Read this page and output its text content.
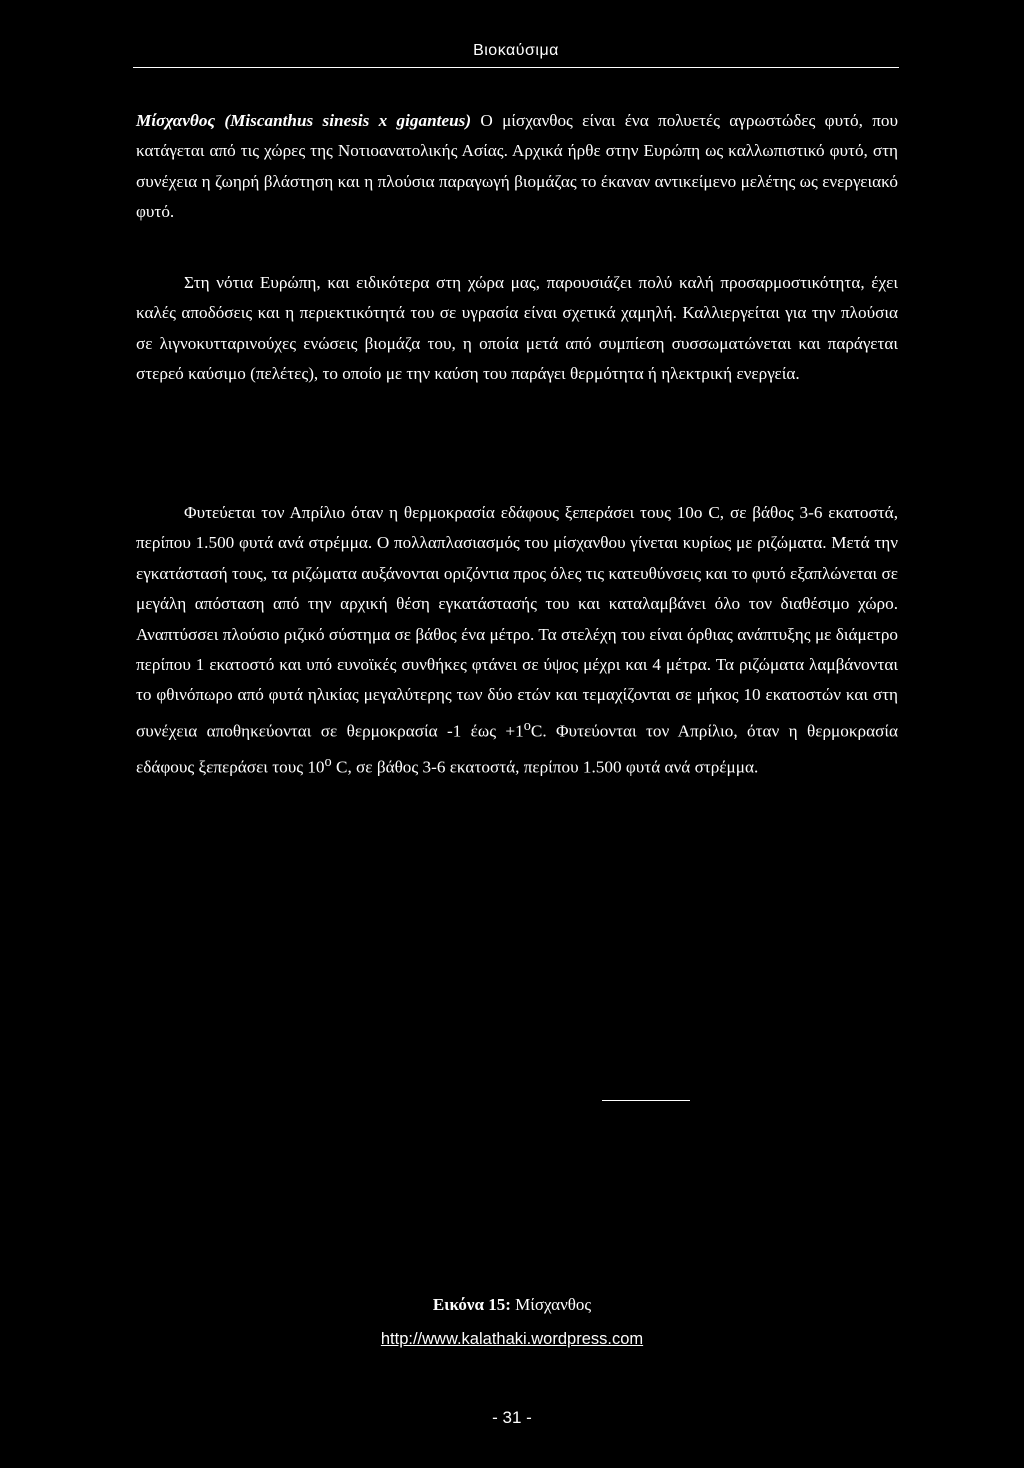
Βιοκαύσιμα

Μίσχανθος (Miscanthus sinesis x giganteus) Ο μίσχανθος είναι ένα πολυετές αγρωστώδες φυτό, που κατάγεται από τις χώρες της Νοτιοανατολικής Ασίας. Αρχικά ήρθε στην Ευρώπη ως καλλωπιστικό φυτό, στη συνέχεια η ζωηρή βλάστηση και η πλούσια παραγωγή βιομάζας το έκαναν αντικείμενο μελέτης ως ενεργειακό φυτό.

Στη νότια Ευρώπη, και ειδικότερα στη χώρα μας, παρουσιάζει πολύ καλή προσαρμοστικότητα, έχει καλές αποδόσεις και η περιεκτικότητά του σε υγρασία είναι σχετικά χαμηλή. Καλλιεργείται για την πλούσια σε λιγνοκυτταρινούχες ενώσεις βιομάζα του, η οποία μετά από συμπίεση συσσωματώνεται και παράγεται στερεό καύσιμο (πελέτες), το οποίο με την καύση του παράγει θερμότητα ή ηλεκτρική ενεργεία.

Φυτεύεται τον Απρίλιο όταν η θερμοκρασία εδάφους ξεπεράσει τους 10ο C, σε βάθος 3-6 εκατοστά, περίπου 1.500 φυτά ανά στρέμμα. Ο πολλαπλασιασμός του μίσχανθου γίνεται κυρίως με ριζώματα. Μετά την εγκατάστασή τους, τα ριζώματα αυξάνονται οριζόντια προς όλες τις κατευθύνσεις και το φυτό εξαπλώνεται σε μεγάλη απόσταση από την αρχική θέση εγκατάστασής του και καταλαμβάνει όλο τον διαθέσιμο χώρο. Αναπτύσσει πλούσιο ριζικό σύστημα σε βάθος ένα μέτρο. Τα στελέχη του είναι όρθιας ανάπτυξης με διάμετρο περίπου 1 εκατοστό και υπό ευνοϊκές συνθήκες φτάνει σε ύψος μέχρι και 4 μέτρα. Τα ριζώματα λαμβάνονται το φθινόπωρο από φυτά ηλικίας μεγαλύτερης των δύο ετών και τεμαχίζονται σε μήκος 10 εκατοστών και στη συνέχεια αποθηκεύονται σε θερμοκρασία -1 $έ\omega\varsigma +1^oC$. Φυτεύονται τον Απρίλιο, όταν η θερμοκρασία εδάφους ξεπεράσει τους 10$^o$ C, σε βάθος 3-6 εκατοστά, περίπου 1.500 φυτά ανά στρέμμα.

Εικόνα 15: Μίσχανθος
http://www.kalathaki.wordpress.com
- 31 -
